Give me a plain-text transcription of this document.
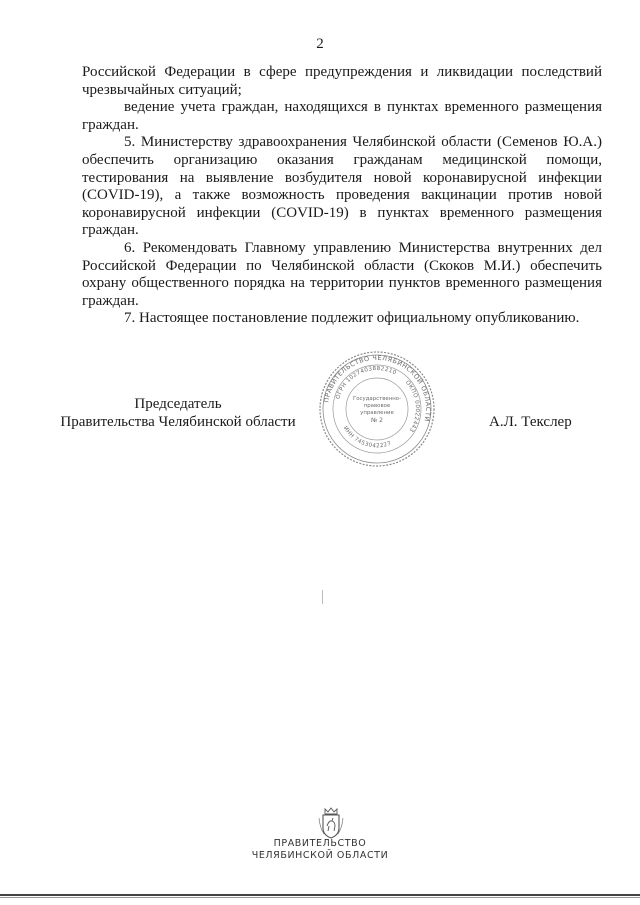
2

Российской Федерации в сфере предупреждения и ликвидации последствий чрезвычайных ситуаций;

ведение учета граждан, находящихся в пунктах временного размещения граждан.

5. Министерству здравоохранения Челябинской области (Семенов Ю.А.) обеспечить организацию оказания гражданам медицинской помощи, тестирования на выявление возбудителя новой коронавирусной инфекции (COVID-19), а также возможность проведения вакцинации против новой коронавирусной инфекции (COVID-19) в пунктах временного размещения граждан.

6. Рекомендовать Главному управлению Министерства внутренних дел Российской Федерации по Челябинской области (Скоков М.И.) обеспечить охрану общественного порядка на территории пунктов временного размещения граждан.

7. Настоящее постановление подлежит официальному опубликованию.

Председатель
Правительства Челябинской области	А.Л. Текслер
ПРАВИТЕЛЬСТВО ЧЕЛЯБИНСКОЙ ОБЛАСТИ
ОГРН 1027403882210
ОКПО 00022443
ИНН 7453042227
Государственно-
правовое
управление
№ 2
ПРАВИТЕЛЬСТВО
ЧЕЛЯБИНСКОЙ ОБЛАСТИ
